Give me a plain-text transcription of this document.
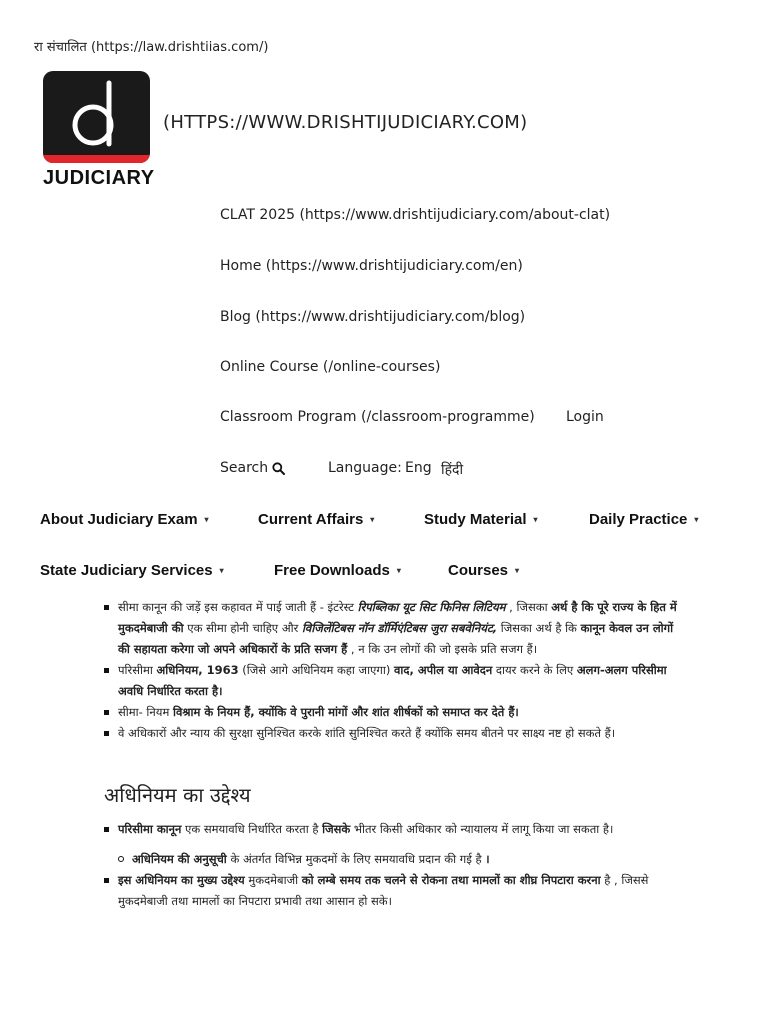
रा संचालित (https://law.drishtiias.com/)
JUDICIARY
(HTTPS://WWW.DRISHTIJUDICIARY.COM)
CLAT 2025 (https://www.drishtijudiciary.com/about-clat)
Home (https://www.drishtijudiciary.com/en)
Blog (https://www.drishtijudiciary.com/blog)
Online Course (/online-courses)
Classroom Program (/classroom-programme) Login
Search	Language: Eng हिंदी
About Judiciary Exam ▾	Current Affairs ▾	Study Material ▾	Daily Practice ▾
State Judiciary Services ▾	Free Downloads ▾	Courses ▾
सीमा कानून की जड़ें इस कहावत में पाई जाती हैं - इंटरेस्ट रिपब्लिका यूट सिट फिनिस लिटियम , जिसका अर्थ है कि पूरे राज्य के हित में मुकदमेबाजी की एक सीमा होनी चाहिए और विजिलेंटिबस नॉन डॉर्मिएंटिबस जुरा सबवेनियंट, जिसका अर्थ है कि कानून केवल उन लोगों की सहायता करेगा जो अपने अधिकारों के प्रति सजग हैं , न कि उन लोगों की जो इसके प्रति सजग हैं।
परिसीमा अधिनियम, 1963 (जिसे आगे अधिनियम कहा जाएगा) वाद, अपील या आवेदन दायर करने के लिए अलग-अलग परिसीमा अवधि निर्धारित करता है।
सीमा- नियम विश्राम के नियम हैं, क्योंकि वे पुरानी मांगों और शांत शीर्षकों को समाप्त कर देते हैं।
वे अधिकारों और न्याय की सुरक्षा सुनिश्चित करके शांति सुनिश्चित करते हैं क्योंकि समय बीतने पर साक्ष्य नष्ट हो सकते हैं।
अधिनियम का उद्देश्य
परिसीमा कानून एक समयावधि निर्धारित करता है जिसके भीतर किसी अधिकार को न्यायालय में लागू किया जा सकता है।
अधिनियम की अनुसूची के अंतर्गत विभिन्न मुकदमों के लिए समयावधि प्रदान की गई है ।
इस अधिनियम का मुख्य उद्देश्य मुकदमेबाजी को लम्बे समय तक चलने से रोकना तथा मामलों का शीघ्र निपटारा करना है , जिससे मुकदमेबाजी तथा मामलों का निपटारा प्रभावी तथा आसान हो सके।
